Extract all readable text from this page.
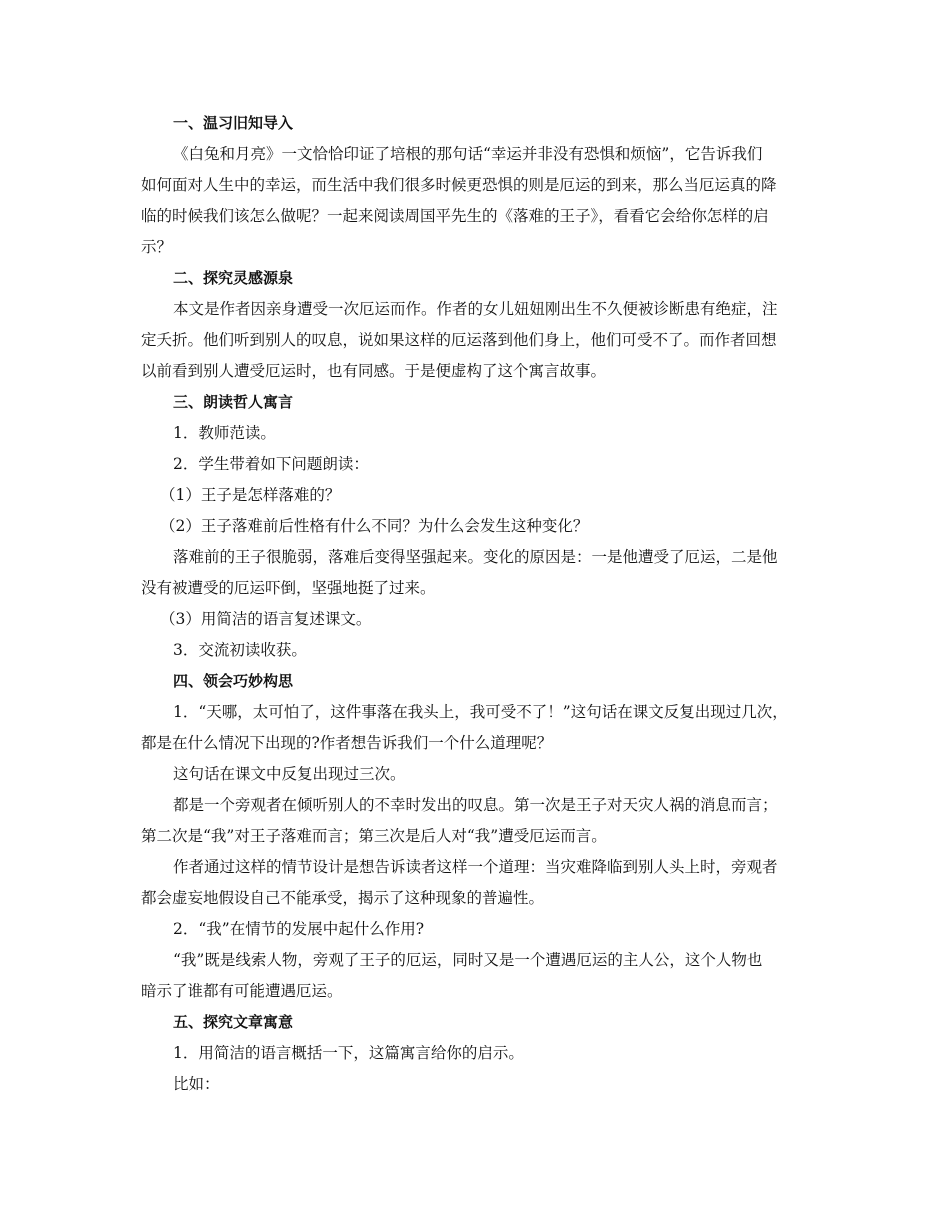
一、温习旧知导入
《白兔和月亮》一文恰恰印证了培根的那句话“幸运并非没有恐惧和烦恼”，它告诉我们
如何面对人生中的幸运，而生活中我们很多时候更恐惧的则是厄运的到来，那么当厄运真的降
临的时候我们该怎么做呢？一起来阅读周国平先生的《落难的王子》，看看它会给你怎样的启
示？
二、探究灵感源泉
本文是作者因亲身遭受一次厄运而作。作者的女儿妞妞刚出生不久便被诊断患有绝症，注
定夭折。他们听到别人的叹息，说如果这样的厄运落到他们身上，他们可受不了。而作者回想
以前看到别人遭受厄运时，也有同感。于是便虚构了这个寓言故事。
三、朗读哲人寓言
1．教师范读。
2．学生带着如下问题朗读：
（1）王子是怎样落难的？
（2）王子落难前后性格有什么不同？为什么会发生这种变化？
落难前的王子很脆弱，落难后变得坚强起来。变化的原因是：一是他遭受了厄运，二是他
没有被遭受的厄运吓倒，坚强地挺了过来。
（3）用简洁的语言复述课文。
3．交流初读收获。
四、领会巧妙构思
1．“天哪，太可怕了，这件事落在我头上，我可受不了！”这句话在课文反复出现过几次，
都是在什么情况下出现的?作者想告诉我们一个什么道理呢？
这句话在课文中反复出现过三次。
都是一个旁观者在倾听别人的不幸时发出的叹息。第一次是王子对天灾人祸的消息而言；
第二次是“我”对王子落难而言；第三次是后人对“我”遭受厄运而言。
作者通过这样的情节设计是想告诉读者这样一个道理：当灾难降临到别人头上时，旁观者
都会虚妄地假设自己不能承受，揭示了这种现象的普遍性。
2．“我”在情节的发展中起什么作用?
“我”既是线索人物，旁观了王子的厄运，同时又是一个遭遇厄运的主人公，这个人物也
暗示了谁都有可能遭遇厄运。
五、探究文章寓意
1．用简洁的语言概括一下，这篇寓言给你的启示。
比如：
